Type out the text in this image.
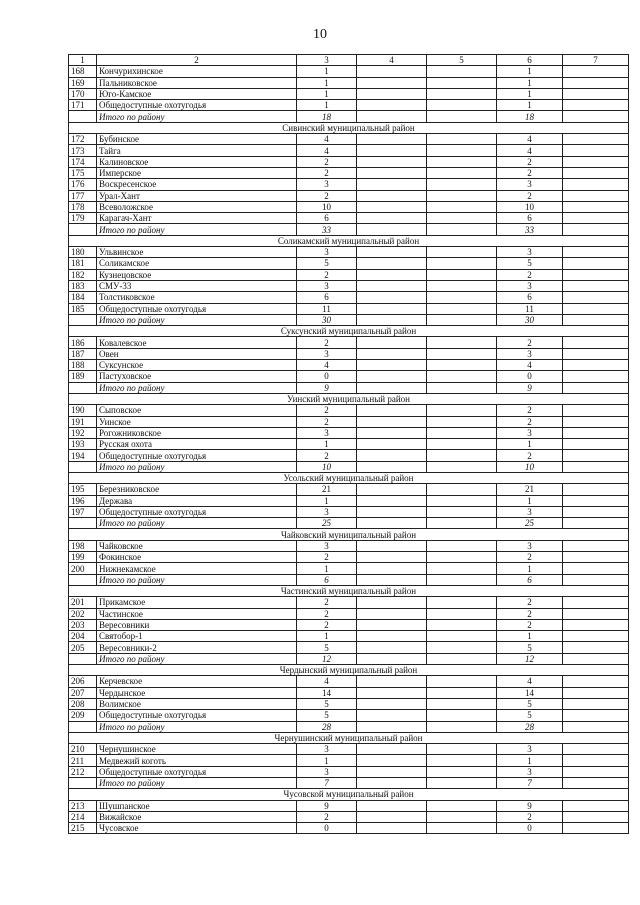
10
1	2	3	4	5	6	7
168	Кончурихинское	1			1	
169	Пальниковское	1			1	
170	Юго-Камское	1			1	
171	Общедоступные охотугодья	1			1	
	Итого по району	18			18	
Сивинский муниципальный район						
172	Бубинское	4			4	
173	Тайга	4			4	
174	Калиновское	2			2	
175	Имперское	2			2	
176	Воскресенское	3			3	
177	Урал-Хант	2			2	
178	Всеволожское	10			10	
179	Карагач-Хант	6			6	
	Итого по району	33			33	
Соликамский муниципальный район						
180	Ульвинское	3			3	
181	Соликамское	5			5	
182	Кузнецовское	2			2	
183	СМУ-33	3			3	
184	Толстиковское	6			6	
185	Общедоступные охотугодья	11			11	
	Итого по району	30			30	
Суксунский муниципальный район						
186	Ковалевское	2			2	
187	Овен	3			3	
188	Суксунское	4			4	
189	Пастуховское	0			0	
	Итого по району	9			9	
Уинский муниципальный район						
190	Сыповское	2			2	
191	Уинское	2			2	
192	Рогожниковское	3			3	
193	Русская охота	1			1	
194	Общедоступные охотугодья	2			2	
	Итого по району	10			10	
Усольский муниципальный район						
195	Березниковское	21			21	
196	Держава	1			1	
197	Общедоступные охотугодья	3			3	
	Итого по району	25			25	
Чайковский муниципальный район						
198	Чайковское	3			3	
199	Фокинское	2			2	
200	Нижнекамское	1			1	
	Итого по району	6			6	
Частинский муниципальный район						
201	Прикамское	2			2	
202	Частинское	2			2	
203	Вересовники	2			2	
204	Святобор-1	1			1	
205	Вересовники-2	5			5	
	Итого по району	12			12	
Чердынский муниципальный район						
206	Керчевское	4			4	
207	Чердынское	14			14	
208	Волимское	5			5	
209	Общедоступные охотугодья	5			5	
	Итого по району	28			28	
Чернушинский муниципальный район						
210	Чернушинское	3			3	
211	Медвежий коготь	1			1	
212	Общедоступные охотугодья	3			3	
	Итого по району	7			7	
Чусовской муниципальный район						
213	Шушпанское	9			9	
214	Вижайское	2			2	
215	Чусовское	0			0	
